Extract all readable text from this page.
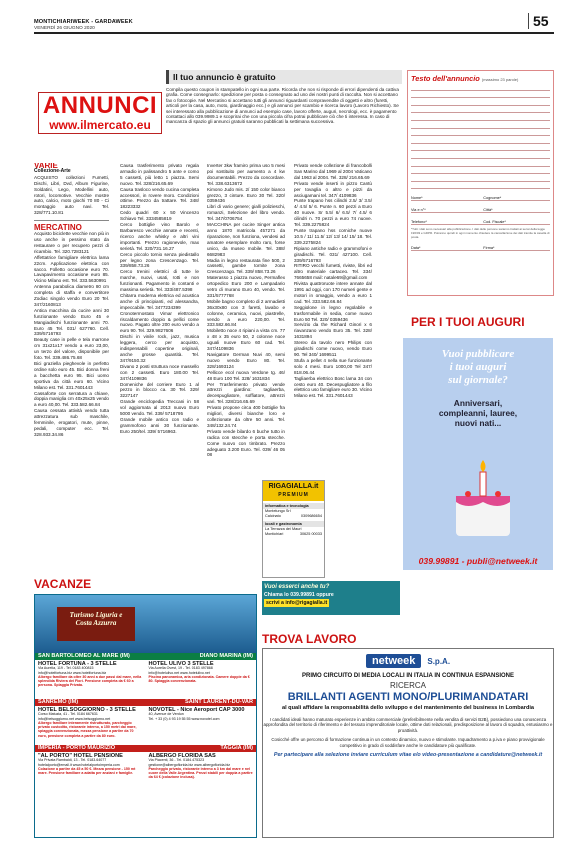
MONTICHIARIWEEK - GARDAWEEK
VENERDÌ 26 GIUGNO 2020	55
ANNUNCI
www.ilmercato.eu
Il tuo annuncio è gratuito
Compila questo coupon in stampatello in ogni sua parte. Ricorda che non si risponde di errori dipendenti da cattiva grafia. Come consegnarlo: spedizione per posta o consegnato ad uno dei nostri punti di raccolta. Non si accettano fax o fotocopie. Nel Mercatino si accettano tutti gli annunci riguardanti compravendite di oggetti e altro (furetti, articoli per la casa, auto, moto, giardinaggio ecc.) e gli annunci per scambio e ricerca lavoro (Lavoro Richiesto). Se sei interessato alla pubblicazione di annunci ad esempio case, lavoro offerte, auguri, necrologi, ecc. è pagamento contattaci allo 039.9989.1 e scoprirai che con una piccola cifra potrai pubblicare ciò che ti interessa. In caso di mancanza di spazio gli annunci gratuiti saranno pubblicati la settimana successiva.
Testo dell'annuncio (massimo 23 parole)
Nome*	Cognome*
Via e n°*	Città*
Telefono*	Cod. Fiscale*
*Tutti i dati sono necessari alla pubblicazione. I dati delle persone saranno trattati ai sensi della legge 196/03 e GDPR. Potranno quindi in ogni momento chiedere la cancellazione dei dati tramite la casella di posta.
Data*	Firma*
VARIE
Collezione-Arte

ACQUISTO collezioni Fumetti, Dischi, Libri, Dvd, Album Figurine, Soldatini, Lego, Modellini auto, rotori, locomotive. Vecchie mostre auto, calcio, moto giochi 70 80 - Ci montaggio auto navi. Tel. 328/771.10.81

MERCATINO

Acquisto biciclette vecchie non più in uso anche in pessimo stato da restaurare o per recupero pezzi di ricambio. Tel. 320.7283121

Affettatrice famigliare elettrica lama 22cm. Applicazione elettrica con sacco. Folletto occasione euro 70. Lavapavimento occasione euro 85. Vicino Milano est. Tel. 333.5630991

Antenna parabolica diametro 80 cm completa di staffa e convertitore Zodiac singolo vendo Euro 20 Tel. 347/2160813

Antica macchina da cucire anni 30 funzionante vendo Euro 45 e Mangiadischi funzionante anni 70. Euro 45 Tel. 031/ 627760. Cell. 339/5716793

Beauty case in pelle e tela marrone cm 31x21x17 vendo a euro 23,00, un terzo del valore, disponibile per foto. Tel. 339.486.75.68

Bici graziella pieghevole in perfetto ordine solo euro 45. Bici donna freni a bacchetta euro 95. Bici uomo sportiva da città euro 60. Vicino Milano est. Tel. 331.7601443

Cassaforte con serratura a chiave, doppia maniglia cm 40x25x25 vendo a euro 40,00. Tel. 333.582.66.84

Causa cessata attività vendo tutta attrezzatura sub maschile, femminile, erogatori, mute, pinne, pedali, computer ecc. Tel. 328.933.34.86

Causa trasferimento privato regala armadio in palissandro 5 ante e como 5 cassetti, più letto 1 piazza. Semi nuovo. Tel. 328/216.65.69

Causa trasloco vendo cucina completa accessori, in rovere moro. Condizioni ottime. Prezzo da trattare. Tel. 348/ 18223332

Cedo quadri 60 x 50 Vincenzo Schiavo Tel. 3334585819

Cerco bottiglie vino Barolo e Barbaresco vecchie annate e recenti, ricerco anche whisky e altri vini importanti. Prezzo ragionevole, max serietà. Tel. 320/731.16.27

Cerco piccolo tornio senza piedistallo per legno zona Crescenzago. Tel. 339/858.73.26

Cerco trenini elettrici di tutte le marche, nuovi, usati, rotti e non funzionanti. Pagamento in contanti e massima serietà. Tel. 333/487.5398

Chitarra moderna elettrica ed acustica anche di principianti, ed alessandra, impeccabile. Tel. 3477234399

Cronotermostato Vimar elettronico riscaldamento doppio & pellici come nuovo. Pagato oltre 200 euro vendo a euro 90. Tel. 329.9827606

Dischi in vinile rock, jazz, musica leggera, cerco per acquisto, indispensabili copertine originali, anche grosse quantità. Tel. 347/9150.32

Divano 2 posti struttura noce massello con 2 cassetti. Euro 180.00 Tel. 347/4109836

Domeniche del corriere Euro 1 al pezzo in blocco ca. 30 Tel. 329/ 3227147

Grande enciclopedia Treccani in 58 vol aggiornata al 2013 nuovo Euro 5000 vendo. Tel. 339/ 5718795

Grande mobile antico con radio e grammofono anni 30 funzionante. Euro 250/tel. 339/ 5716963.

Inverter 3kw framiro prima uso 5 mesi poi sostituito per aumento a 4 kw documentabili. Prezzo da concordare. Tel. 338.6313672

Kimono Judo mis. 2/ 150 color bianco grezzo, 3 cinture. Euro 30 Tel. 320/ 0359436

Libri di vario genere; gialli polizieschi, romanzi, Selezione del libro vendo. Tel. 347/0706754

MACCHINA per cucire Singer antica anno 1870 matricola 457271 da riparazione, non funziona, vendesi ad amatore esemplare molto raro, forse unico, da museo mobile. Tel. 388/ 6682983

Madia in legno restaurata fine 500, 2 cassetti, gambe tornite zona Crescenzago. Tel. 339/ 858.73.26

Materasso 1 piazza nuovo, Permaflex ortopedico Euro 200 e Lampadario vetro di murano Euro 40, vendo. Tel. 331/5777768

Mobile bagno completo di 2 armadietti 36x30x80 con 3 faretti, lavabo e colonne, ceramica, nuovi, piastrelle, vendo a euro 220,00. Tel. 333.582.66.84

Mobiletto noce 4 ripiani a vista cm. 77 x 48 x 35 euro 50, 2 colonne noce uguali nuove Euro 60 cad. Tel. 347/4109836

Navigatore German Nuvi 40, semi nuovo vendo Euro 80. Tel. 328/1693124

Pellicce ecol nuova Verdone tg. 46/ 48 Euro 100 Tel. 328/ 1631834

Per Trasferimento privato vende attrezzi giardino: tagliaerba, decespugliatore, soffiatore, attrezzi vari. Tel. 328/216.65.69

Privato propone circa 400 bottiglie fra migliori, diversi bianche loro e collezionate da oltre 50 anni. Tel. 348/132.24.74

Privato vende bilardo 6 buche tutto in radica con stecche e porta stecche. Come nuovo con timbrato. Prezzo adeguato 3.200 Euro. Tel. 039/ 46 05 08

Privato vende collezione di francobolli San Marino dal 1969 al 2004 Vaticano dal 1963 al 2004. Tel. 328/ 216.65.69

Privato vende inserti in pizzo Cantù per tovaglia o altro e pizzi da asciugamani tel. 347/ 4109836

Punte trapano hss cilindri 2.5/ 3/ 3.5/ 4/ 4.5/ 5/ 6. Punte n. 60 pezzi a Euro 40 nuove. Sr 5.5/ 6/ 6.5/ 7/ 4.5/ 6 cilindri n. 70 pezzi a euro 74 nuove. Tel. 339.2275824

Punte trapano hss corniche nuove 10.5 / 11/ 11.5/ 12/ 13/ 14/ 15/ 18. Tel. 339.2275824

Ripiano antiche radio e grammofoni e giradischi. Tel. 031/ 427100. Cell. 339/5716793

RITIRO vecchi fumetti, riviste, libri ed altro materiale cartaceo. Tel. 334/ 7665658 mail: natale69@gmail.com

Rivista quattroruote intere annate dal 1991 ad oggi, con 170 numeri gente e motori in omaggio, vendo a euro 1 cad. Tel. 333.582.66.84

Seggiolone in legno regolabile e trasformabile in sedia, come nuovo Euro 50 Tel. 320/ 0359436

Servizio da the Richard Ginori x 6 riavanzano vendo Euro 35. Tel. 328/ 1631894

Stereo da tavolo nero Philips con giradischi come nuovo, vendo Euro 90. Tel 340/ 1699511

Stufa a pellet 4 nella sue funzionante solo 4 mesi. Euro 1000,00 Tel 347/ 818.06.44

Tagliaerba elettrico Bosc lama 34 con cesto euro 40. Decespugliatore a filo elettrico uso famigliare euro 30. Vicino Milano est. Tel. 331.7601443

RIGAGIALLA.it
PREMIUM
informatica e tecnologia
Montelungo Srl
Calcinato	0309686654
locali e gastronomia
La Terrazza dei Mauri
Montichiari	30625 00033
Vuoi esserci anche tu?
Chiama lo 039.99891 oppure
scrivi a info@rigagialla.it
PER I TUOI AUGURI
Vuoi pubblicare
i tuoi auguri
sul giornale?
Anniversari,
compleanni, lauree,
nuovi nati...
039.99891 - publi@netweek.it
VACANZE
Turismo Liguria e
Costa Azzurra
SAN BARTOLOMEO AL MARE (IM)	DIANO MARINA (IM)
HOTEL FORTUNA - 3 STELLE
Via Aurelia, 119 - Tel. 0183 400815
info@hotelfortuna.biz www.hotelfortuna.biz
Albergo familiare da oltre 30 anni a due passi dal mare, nella splendida Riviera dei Fiori. Pensione completa da € 60 a persona. Spiaggia Privata.
HOTEL ULIVO 3 STELLE
Via Aurelia Ovest, 19 - Tel. 0183 497868
info@hotelulivo.net www.hotelulivo.net
Piscina panoramica, aria condizionata. Camere doppie da € 80. Spiaggia convenzionata.
SANREMO (IM)	SAINT LAURENT-DU-VAR
HOTEL BELSOGGIORNO - 3 STELLE
Corso Matuzia, 41 - Tel. 0184 667631
info@belsoggiorno.net www.belsoggiorno.net
Albergo familiare interamente ristrutturato, parcheggio privato custodito, ristorante interno, a 150 metri dal mare, spiaggia convenzionata, mezza pensione a partire da 70 euro, pensione completa a partire da 80 euro.
NOVOTEL - Nice Aeroport CAP 3000
40, Avenue de Verdun
Tel. + 33 (0) 4 93 19 55 55 www.novotel.com
IMPERIA - PORTO MAURIZIO	TAGGIA (IM)
"AL PORTO" HOTEL PENSIONE
Via Privata Rambaldi, 13 - Tel. 0183.64077
hotelalporto@email.it www.hotelalportoimperia.com
Colazione a partire da 45 a 50 €. Mezza pensione - 150 mt mare. Pensione familiare a adatta per anziani e famiglie.
ALBERGO FLORIDA SAS
Via Piacenti, 36 - Tel. 0184.475323
gestione@albergoflorida.biz www.albergoflorida.biz
Parcheggio privato, ristorante interno a 3 km dal mare e nel cuore della Valle Argentina. Prezzi stabili per doppia a partire da 64 € (colazione inclusa).
TROVA LAVORO
netweek	S.p.A.
PRIMO CIRCUITO DI MEDIA LOCALI IN ITALIA IN CONTINUA ESPANSIONE
RICERCA
BRILLANTI AGENTI MONO/PLURIMANDATARI
al quali affidare la responsabilità dello sviluppo e del mantenimento del business in Lombardia
I candidati ideali hanno maturato esperienze in ambito commerciale (preferibilmente nella vendita di servizi B2B), possiedono una conoscenza approfondita del territorio di riferimento e del tessuto imprenditoriale locale, ottime doti relazionali, predisposizione al lavoro di squadra, entusiasmo e proattività.
Cosicché offre un percorso di formazione continua in un contesto dinamico, nuovo e stimolante. Inquadramento a p.iva e piano provvigionale competitivo in grado di soddisfare anche le candidature più qualificate.
Per partecipare alla selezione inviare curriculum vitae e/o video-presentazione a candidature@netweek.it
